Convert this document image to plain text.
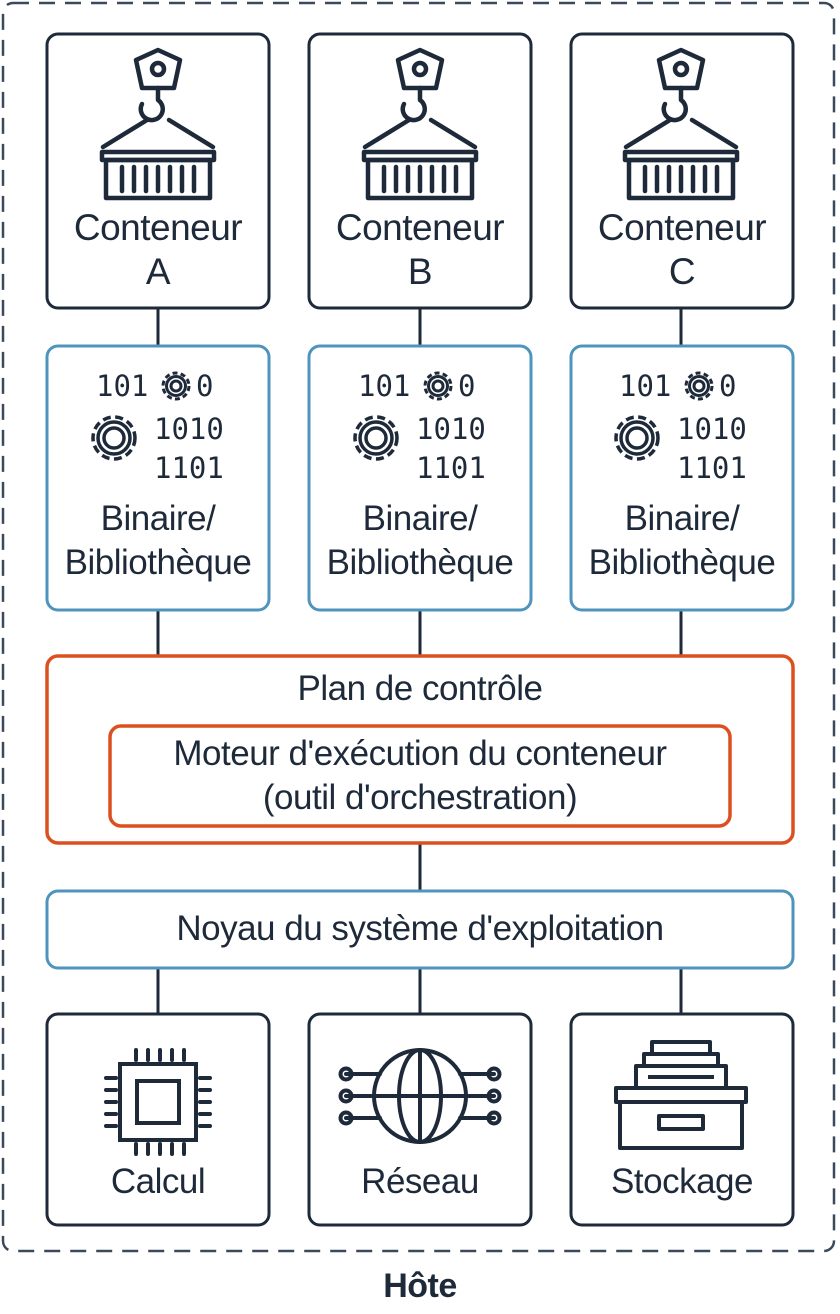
101 0
1010
1101
101 0
1010
1101
101 0
1010
1101
Conteneur
A
Conteneur
B
Conteneur
C
Binaire/
Bibliothèque
Binaire/
Bibliothèque
Binaire/
Bibliothèque
Plan de contrôle
Moteur d'exécution du conteneur
(outil d'orchestration)
Noyau du système d'exploitation
Calcul	Réseau	Stockage
Hôte
